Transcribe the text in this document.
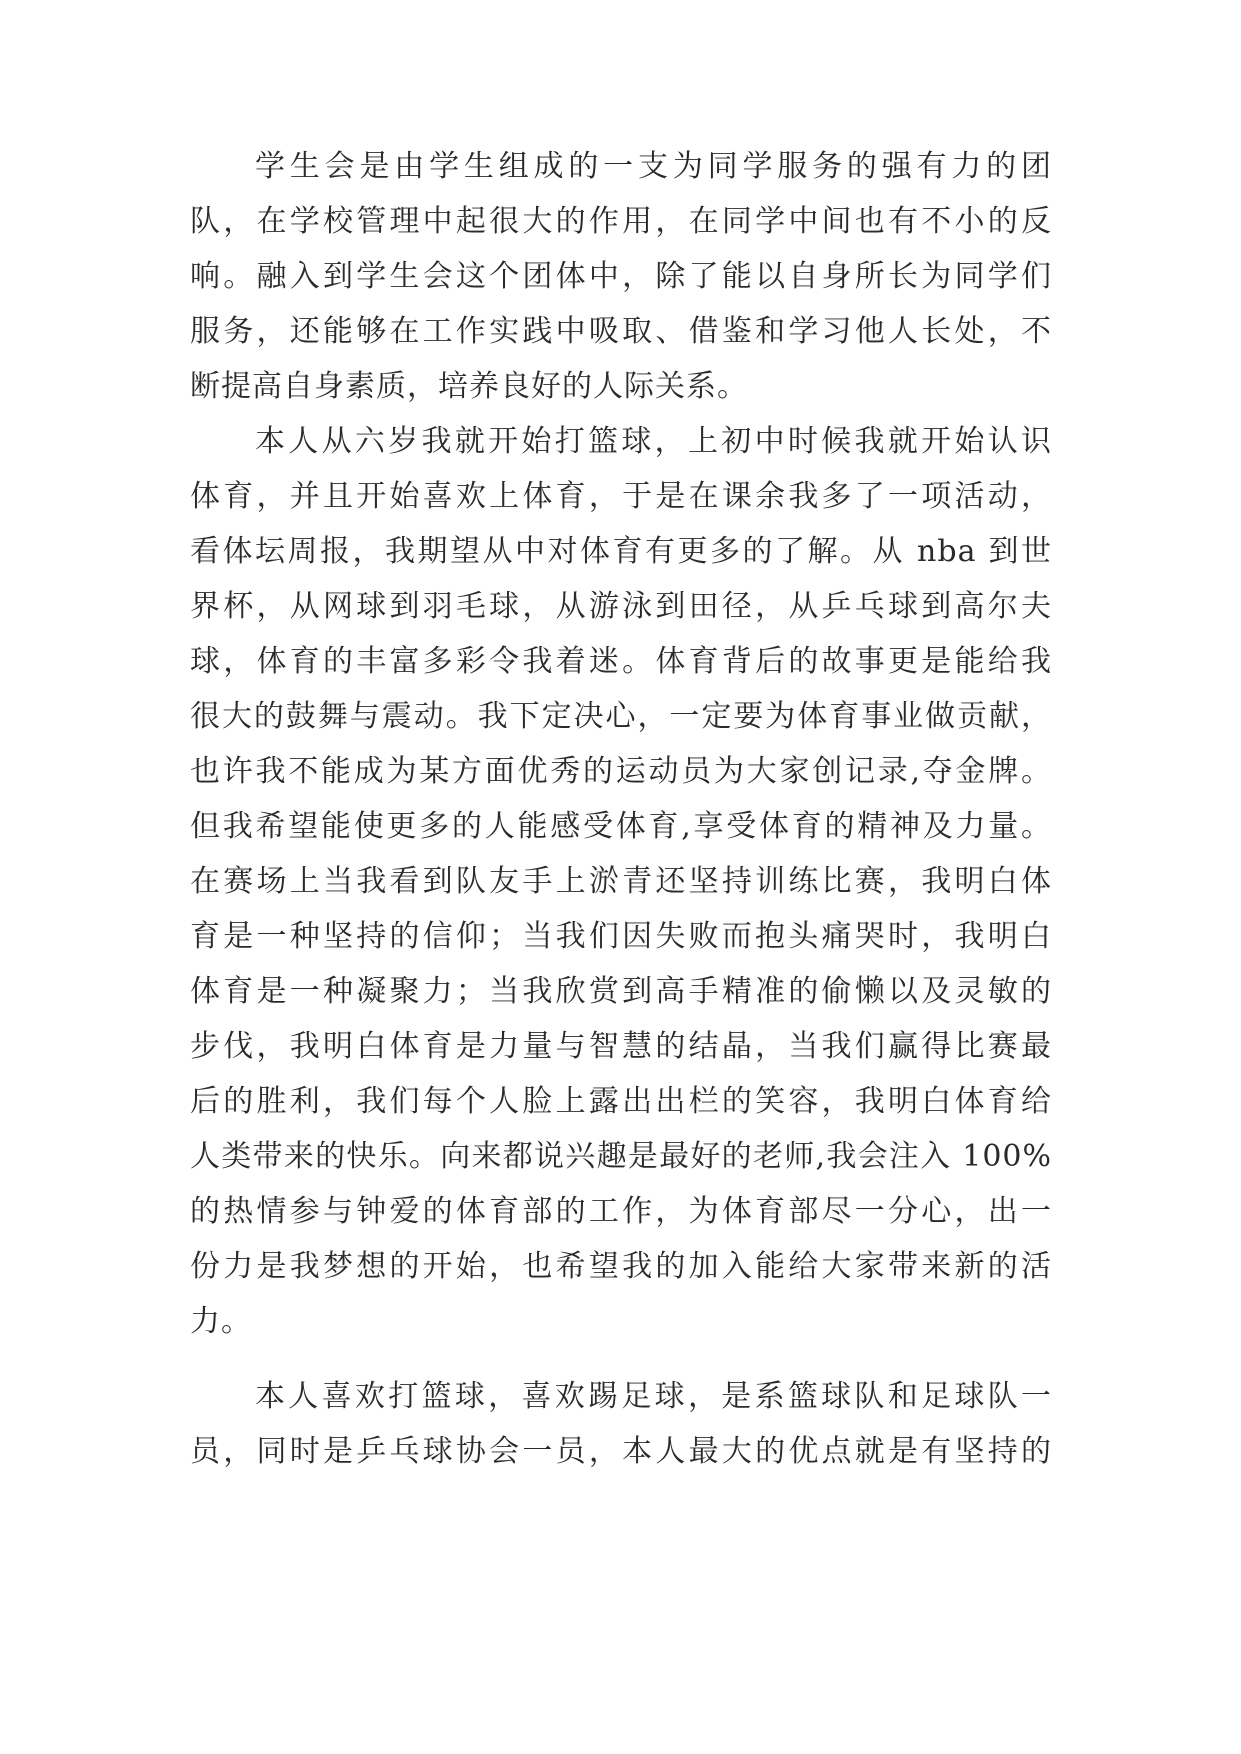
学生会是由学生组成的一支为同学服务的强有力的团

队，在学校管理中起很大的作用，在同学中间也有不小的反

响。融入到学生会这个团体中，除了能以自身所长为同学们

服务，还能够在工作实践中吸取、借鉴和学习他人长处，不

断提高自身素质，培养良好的人际关系。

本人从六岁我就开始打篮球，上初中时候我就开始认识

体育，并且开始喜欢上体育，于是在课余我多了一项活动，

看体坛周报，我期望从中对体育有更多的了解。从 nba 到世

界杯，从网球到羽毛球，从游泳到田径，从乒乓球到高尔夫

球，体育的丰富多彩令我着迷。体育背后的故事更是能给我

很大的鼓舞与震动。我下定决心，一定要为体育事业做贡献，

也许我不能成为某方面优秀的运动员为大家创记录,夺金牌。

但我希望能使更多的人能感受体育,享受体育的精神及力量。

在赛场上当我看到队友手上淤青还坚持训练比赛，我明白体

育是一种坚持的信仰；当我们因失败而抱头痛哭时，我明白

体育是一种凝聚力；当我欣赏到高手精准的偷懒以及灵敏的

步伐，我明白体育是力量与智慧的结晶，当我们赢得比赛最

后的胜利，我们每个人脸上露出出栏的笑容，我明白体育给

人类带来的快乐。向来都说兴趣是最好的老师,我会注入 100%

的热情参与钟爱的体育部的工作，为体育部尽一分心，出一

份力是我梦想的开始，也希望我的加入能给大家带来新的活

力。

本人喜欢打篮球，喜欢踢足球，是系篮球队和足球队一

员，同时是乒乓球协会一员，本人最大的优点就是有坚持的
